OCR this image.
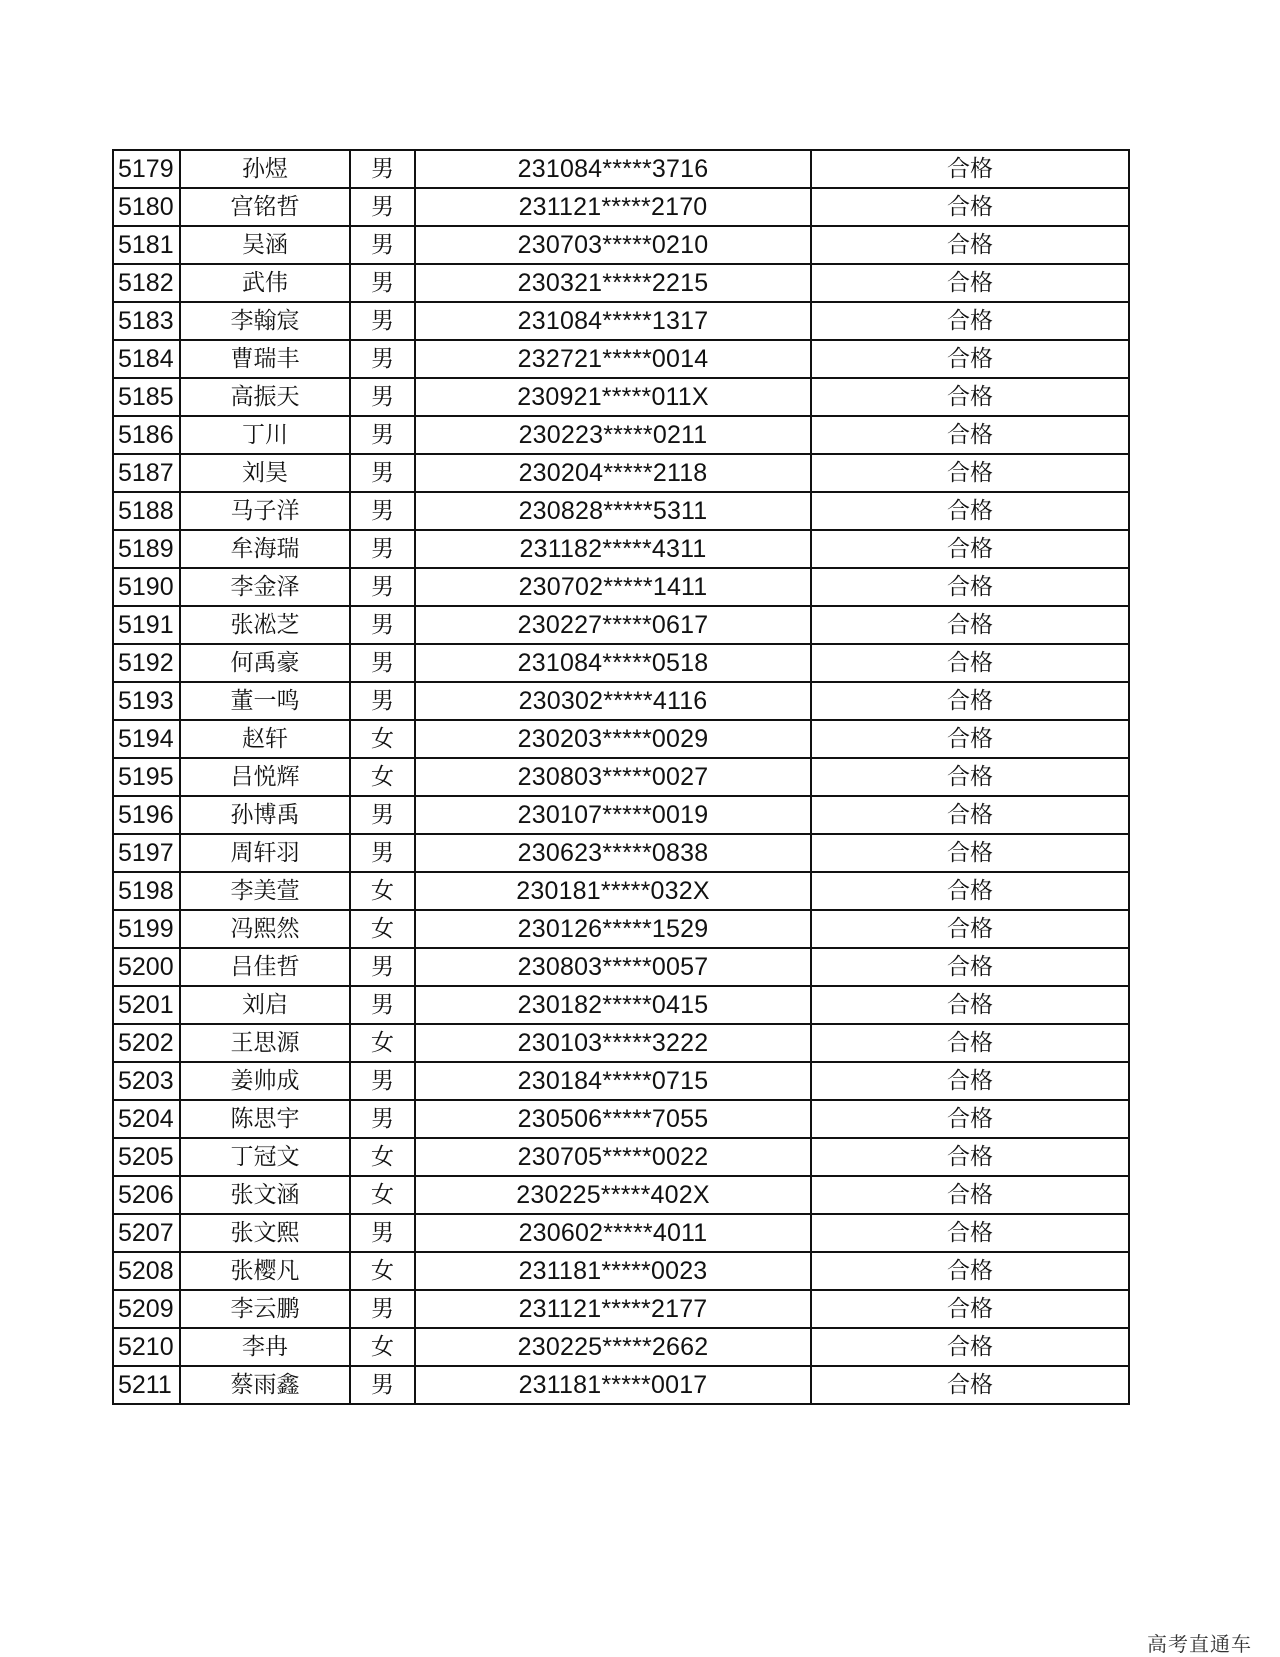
5179	孙煜	男	231084*****3716	合格
5180	宫铭哲	男	231121*****2170	合格
5181	吴涵	男	230703*****0210	合格
5182	武伟	男	230321*****2215	合格
5183	李翰宸	男	231084*****1317	合格
5184	曹瑞丰	男	232721*****0014	合格
5185	高振天	男	230921*****011X	合格
5186	丁川	男	230223*****0211	合格
5187	刘昊	男	230204*****2118	合格
5188	马子洋	男	230828*****5311	合格
5189	牟海瑞	男	231182*****4311	合格
5190	李金泽	男	230702*****1411	合格
5191	张凇芝	男	230227*****0617	合格
5192	何禹豪	男	231084*****0518	合格
5193	董一鸣	男	230302*****4116	合格
5194	赵轩	女	230203*****0029	合格
5195	吕悦辉	女	230803*****0027	合格
5196	孙博禹	男	230107*****0019	合格
5197	周轩羽	男	230623*****0838	合格
5198	李美萱	女	230181*****032X	合格
5199	冯熙然	女	230126*****1529	合格
5200	吕佳哲	男	230803*****0057	合格
5201	刘启	男	230182*****0415	合格
5202	王思源	女	230103*****3222	合格
5203	姜帅成	男	230184*****0715	合格
5204	陈思宇	男	230506*****7055	合格
5205	丁冠文	女	230705*****0022	合格
5206	张文涵	女	230225*****402X	合格
5207	张文熙	男	230602*****4011	合格
5208	张樱凡	女	231181*****0023	合格
5209	李云鹏	男	231121*****2177	合格
5210	李冉	女	230225*****2662	合格
5211	蔡雨鑫	男	231181*****0017	合格
高考直通车
